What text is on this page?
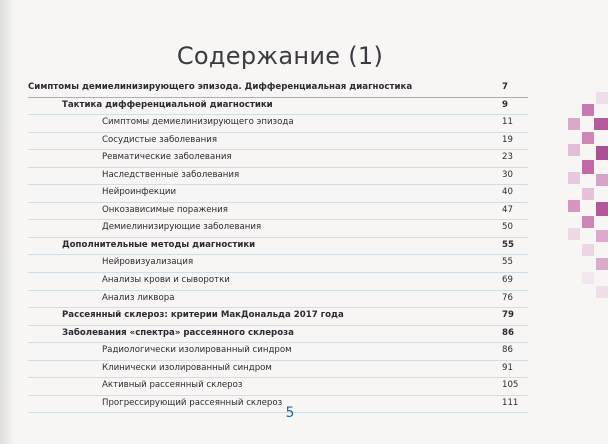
Содержание (1)
Симптомы демиелинизирующего эпизода. Дифференциальная диагностика	7
Тактика дифференциальной диагностики	9
Симптомы демиелинизирующего эпизода	11
Сосудистые заболевания	19
Ревматические заболевания	23
Наследственные заболевания	30
Нейроинфекции	40
Онкозависимые поражения	47
Демиелинизирующие заболевания	50
Дополнительные методы диагностики	55
Нейровизуализация	55
Анализы крови и сыворотки	69
Анализ ликвора	76
Рассеянный склероз: критерии МакДональда 2017 года	79
Заболевания «спектра» рассеянного склероза	86
Радиологически изолированный синдром	86
Клинически изолированный синдром	91
Активный рассеянный склероз	105
Прогрессирующий рассеянный склероз	111
5
